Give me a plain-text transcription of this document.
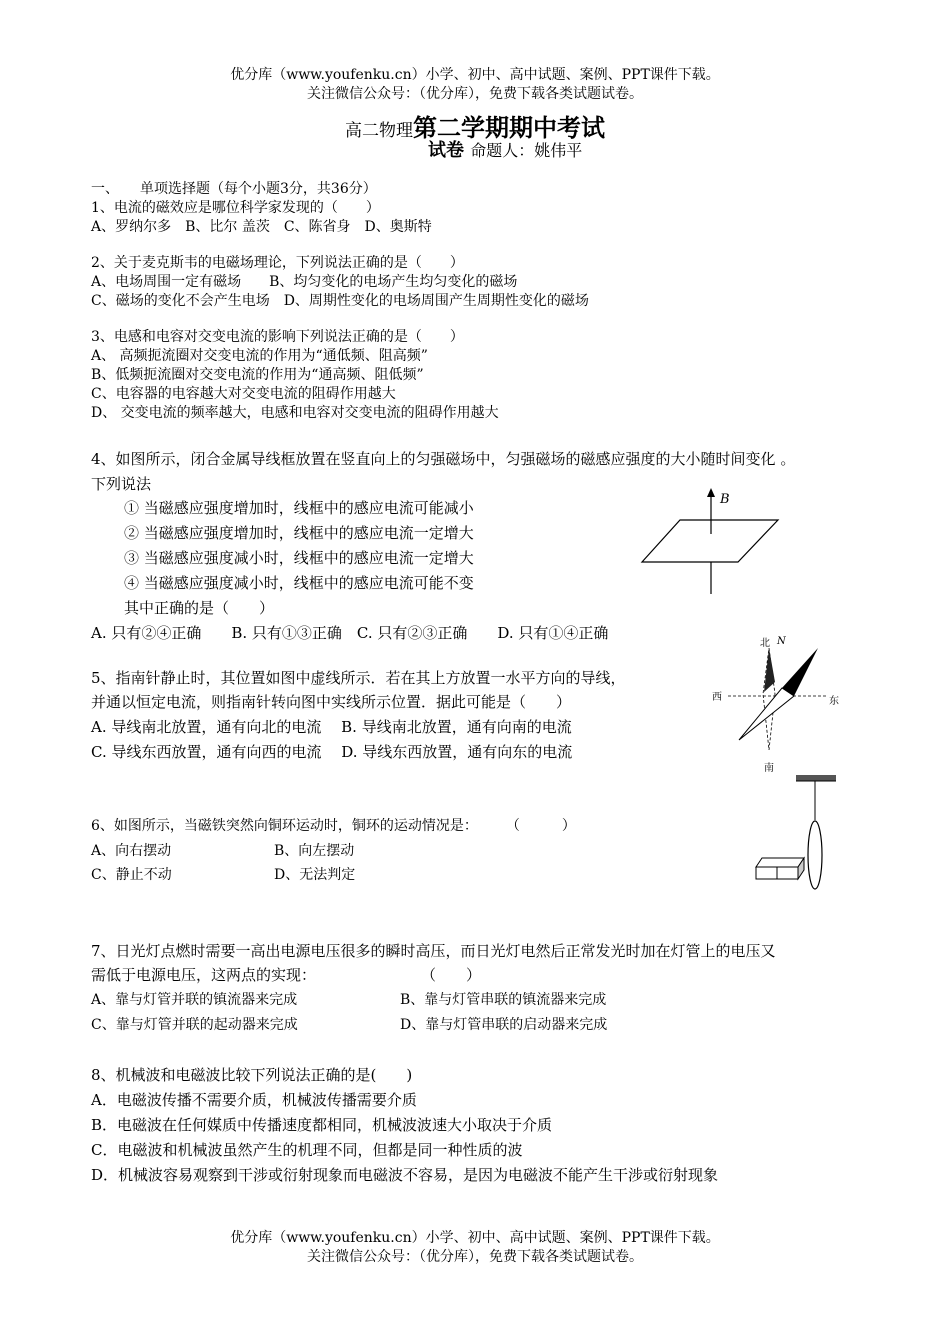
优分库（www.youfenku.cn）小学、初中、高中试题、案例、PPT课件下载。
关注微信公众号：（优分库），免费下载各类试题试卷。
高二物理第二学期期中考试
试卷 命题人：姚伟平
一、　　单项选择题（每个小题3分，共36分）
1、电流的磁效应是哪位科学家发现的（　　）
A、罗纳尔多　B、比尔 盖茨　C、陈省身　D、奥斯特
2、关于麦克斯韦的电磁场理论，下列说法正确的是（　　）
A、电场周围一定有磁场　　B、均匀变化的电场产生均匀变化的磁场
C、磁场的变化不会产生电场　D、周期性变化的电场周围产生周期性变化的磁场
3、电感和电容对交变电流的影响下列说法正确的是（　　）
A、 高频扼流圈对交变电流的作用为“通低频、阻高频”
B、低频扼流圈对交变电流的作用为“通高频、阻低频”
C、电容器的电容越大对交变电流的阻碍作用越大
D、 交变电流的频率越大，电感和电容对交变电流的阻碍作用越大
4、如图所示，闭合金属导线框放置在竖直向上的匀强磁场中，匀强磁场的磁感应强度的大小随时间变化 。
下列说法
① 当磁感应强度增加时，线框中的感应电流可能减小
② 当磁感应强度增加时，线框中的感应电流一定增大
③ 当磁感应强度减小时，线框中的感应电流一定增大
④ 当磁感应强度减小时，线框中的感应电流可能不变
其中正确的是（　　）
A. 只有②④正确　　B. 只有①③正确　C. 只有②③正确　　D. 只有①④正确
B
5、指南针静止时，其位置如图中虚线所示．若在其上方放置一水平方向的导线，
并通以恒定电流，则指南针转向图中实线所示位置．据此可能是（　　）
A. 导线南北放置，通有向北的电流　 B. 导线南北放置，通有向南的电流
C. 导线东西放置，通有向西的电流　 D. 导线东西放置，通有向东的电流
北 N
西	东
南
6、如图所示，当磁铁突然向铜环运动时，铜环的运动情况是：　　　（　　　）
A、向右摆动	B、向左摆动
C、静止不动	D、无法判定
7、日光灯点燃时需要一高出电源电压很多的瞬时高压，而日光灯电然后正常发光时加在灯管上的电压又
需低于电源电压，这两点的实现：　　　　　　　　（　　）
A、靠与灯管并联的镇流器来完成	B、靠与灯管串联的镇流器来完成
C、靠与灯管并联的起动器来完成	D、靠与灯管串联的启动器来完成
8、机械波和电磁波比较下列说法正确的是(　　)
A．电磁波传播不需要介质，机械波传播需要介质
B．电磁波在任何媒质中传播速度都相同，机械波波速大小取决于介质
C．电磁波和机械波虽然产生的机理不同，但都是同一种性质的波
D．机械波容易观察到干涉或衍射现象而电磁波不容易，是因为电磁波不能产生干涉或衍射现象
优分库（www.youfenku.cn）小学、初中、高中试题、案例、PPT课件下载。
关注微信公众号：（优分库），免费下载各类试题试卷。
